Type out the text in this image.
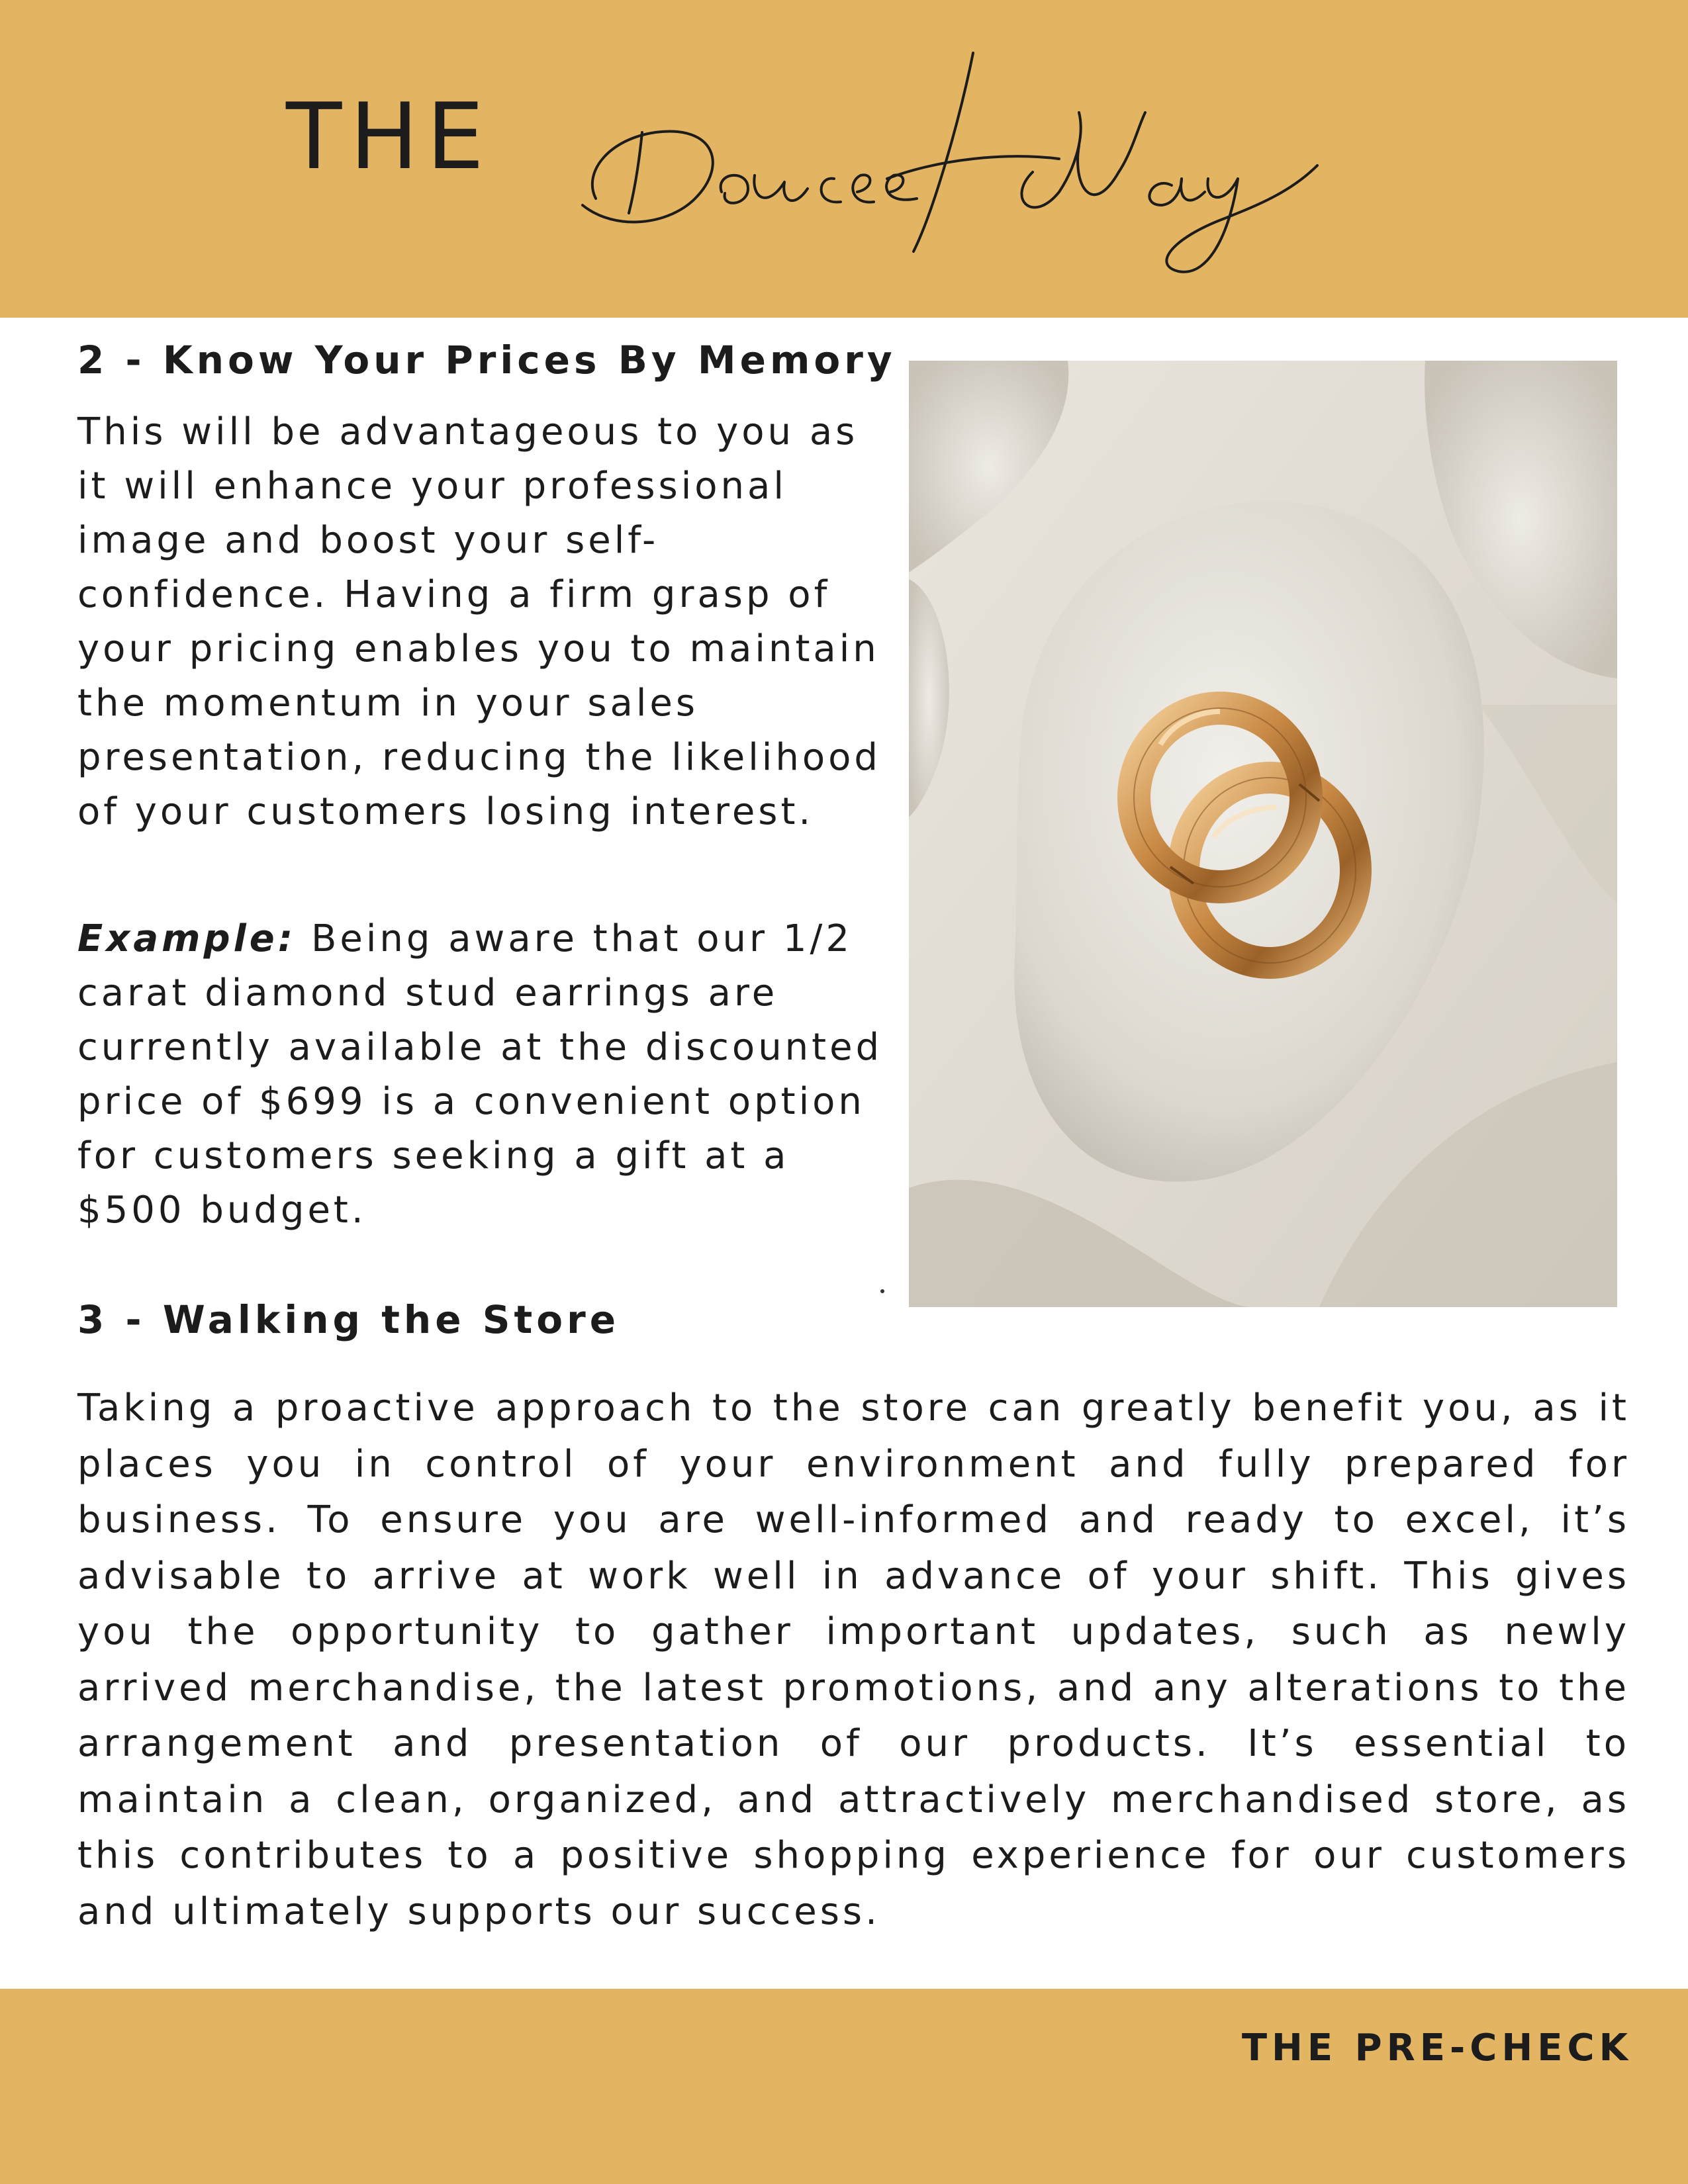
THE
2 - Know Your Prices By Memory

This will be advantageous to you as it will enhance your professional image and boost your self-confidence. Having a firm grasp of your pricing enables you to maintain the momentum in your sales presentation, reducing the likelihood of your customers losing interest.

Example: Being aware that our 1/2 carat diamond stud earrings are currently available at the discounted price of $699 is a convenient option for customers seeking a gift at a $500 budget.

3 - Walking the Store

Taking a proactive approach to the store can greatly benefit you, as it places you in control of your environment and fully prepared for business. To ensure you are well-informed and ready to excel, it’s advisable to arrive at work well in advance of your shift. This gives you the opportunity to gather important updates, such as newly arrived merchandise, the latest promotions, and any alterations to the arrangement and presentation of our products. It’s essential to maintain a clean, organized, and attractively merchandised store, as this contributes to a positive shopping experience for our customers and ultimately supports our success.

THE PRE-CHECK
